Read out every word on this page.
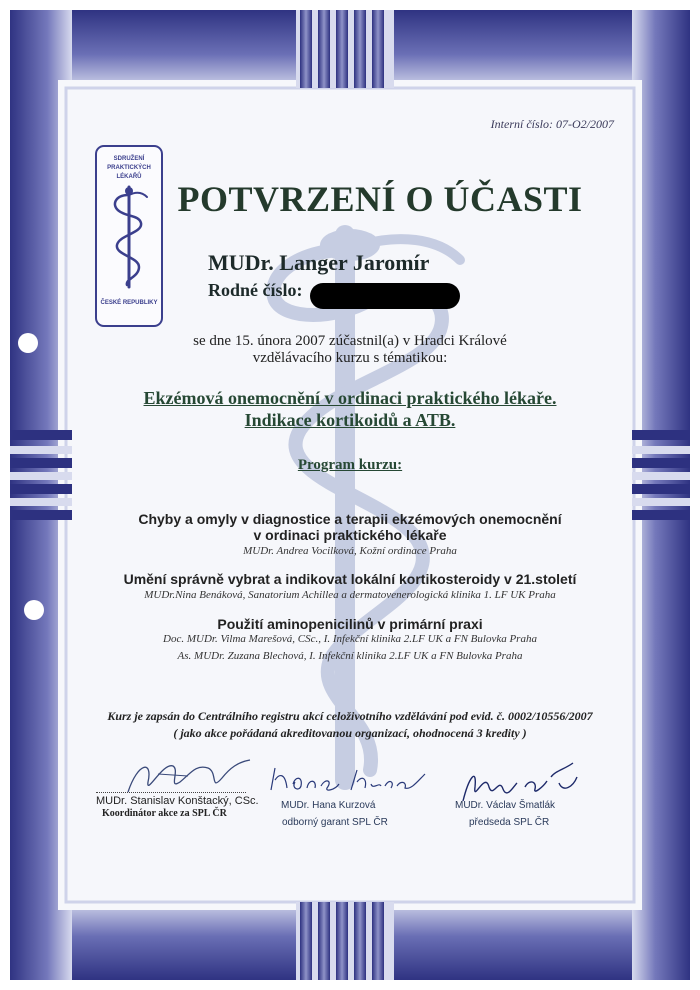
SDRUŽENÍ PRAKTICKÝCH LÉKAŘŮ
ČESKÉ REPUBLIKY

Interní číslo: 07-O2/2007

POTVRZENÍ O ÚČASTI

MUDr. Langer Jaromír

Rodné číslo:

se dne 15. února 2007 zúčastnil(a) v Hradci Králové

vzdělávacího kurzu s tématikou:

Ekzémová onemocnění v ordinaci praktického lékaře.

Indikace kortikoidů a ATB.

Program kurzu:

Chyby a omyly v diagnostice a terapii ekzémových onemocnění

v ordinaci praktického lékaře

MUDr. Andrea Vocilková, Kožní ordinace Praha

Umění správně vybrat a indikovat lokální kortikosteroidy v 21.století

MUDr.Nina Benáková, Sanatorium Achillea a dermatovenerologická klinika 1. LF UK Praha

Použití aminopenicilinů v primární praxi

Doc. MUDr. Vilma Marešová, CSc., I. Infekční klinika 2.LF UK a FN Bulovka Praha

As. MUDr. Zuzana Blechová, I. Infekční klinika 2.LF UK a FN Bulovka Praha

Kurz je zapsán do Centrálního registru akcí celoživotního vzdělávání pod evid. č. 0002/10556/2007

( jako akce pořádaná akreditovanou organizací, ohodnocená 3 kredity )

MUDr. Stanislav Konštacký, CSc.

Koordinátor akce za SPL ČR

MUDr. Hana Kurzová

odborný garant SPL ČR

MUDr. Václav Šmatlák

předseda SPL ČR
